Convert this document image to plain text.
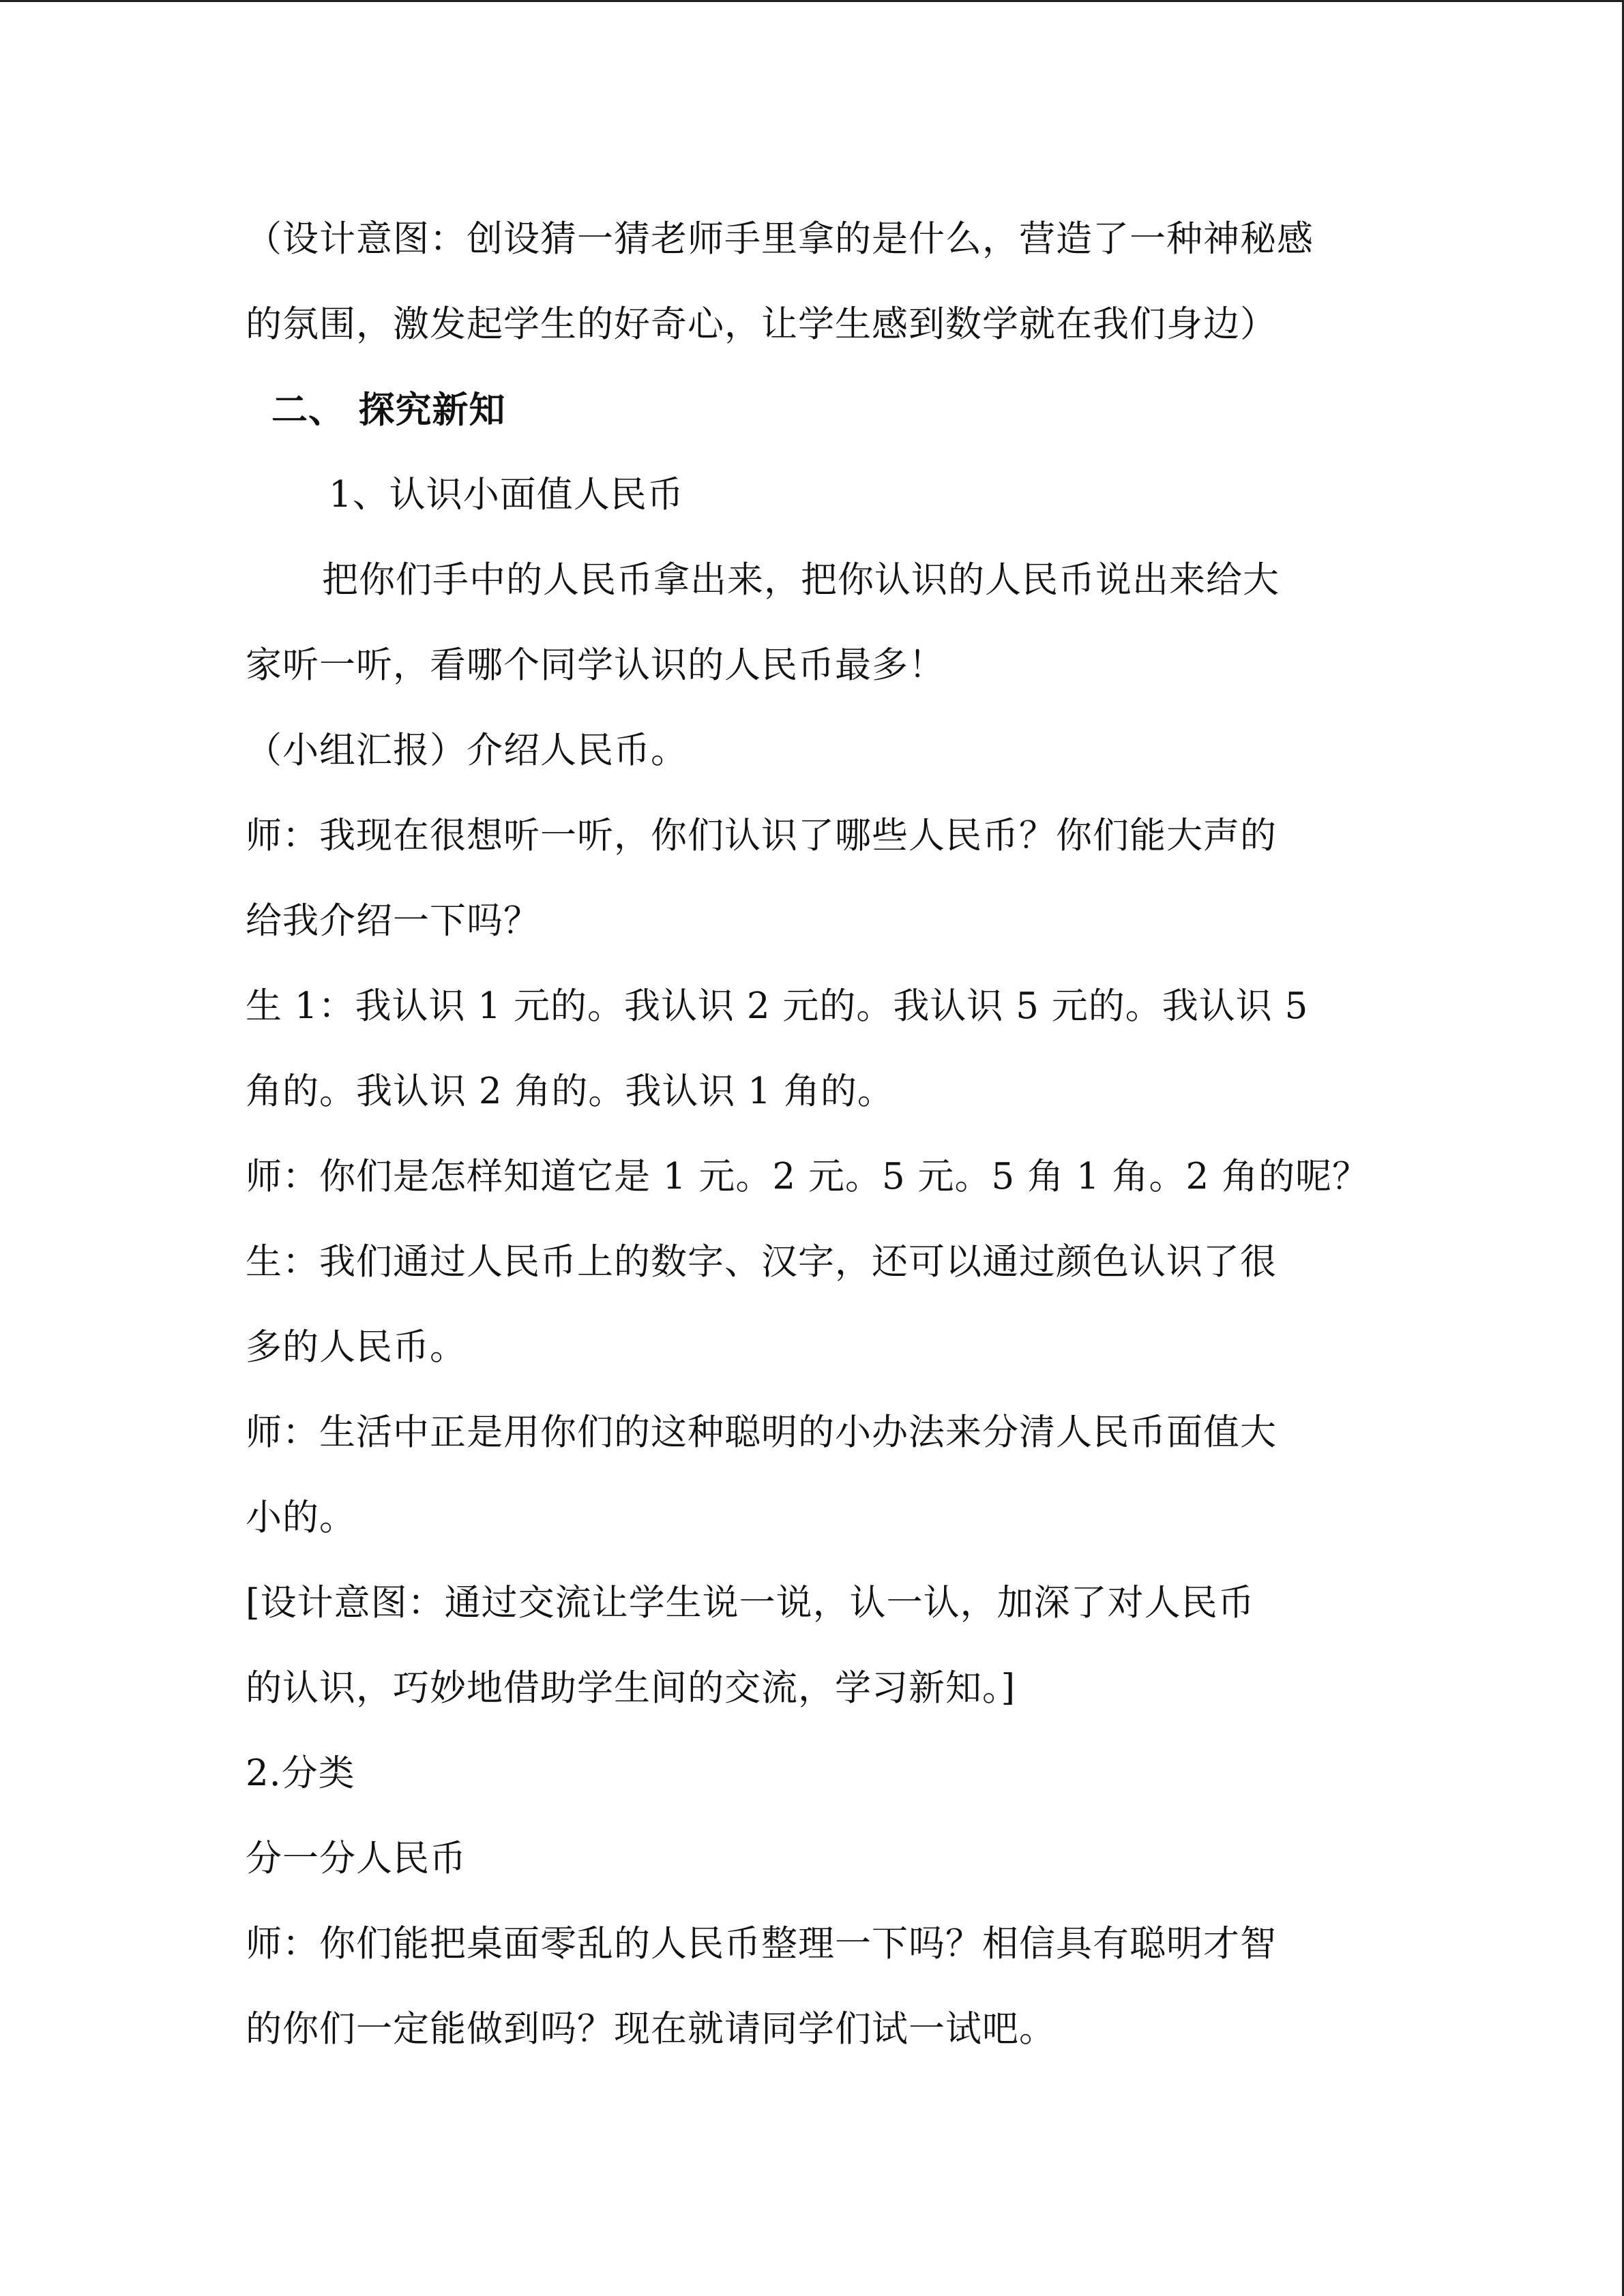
（设计意图：创设猜一猜老师手里拿的是什么，营造了一种神秘感
的氛围，激发起学生的好奇心，让学生感到数学就在我们身边）
二、 探究新知
1、认识小面值人民币
把你们手中的人民币拿出来，把你认识的人民币说出来给大
家听一听，看哪个同学认识的人民币最多！
（小组汇报）介绍人民币。
师：我现在很想听一听，你们认识了哪些人民币？你们能大声的
给我介绍一下吗？
生 1：我认识 1 元的。我认识 2 元的。我认识 5 元的。我认识 5
角的。我认识 2 角的。我认识 1 角的。
师：你们是怎样知道它是 1 元。2 元。5 元。5 角 1 角。2 角的呢？
生：我们通过人民币上的数字、汉字，还可以通过颜色认识了很
多的人民币。
师：生活中正是用你们的这种聪明的小办法来分清人民币面值大
小的。
[设计意图：通过交流让学生说一说，认一认，加深了对人民币
的认识，巧妙地借助学生间的交流，学习新知。]
2.分类
分一分人民币
师：你们能把桌面零乱的人民币整理一下吗？相信具有聪明才智
的你们一定能做到吗？现在就请同学们试一试吧。
